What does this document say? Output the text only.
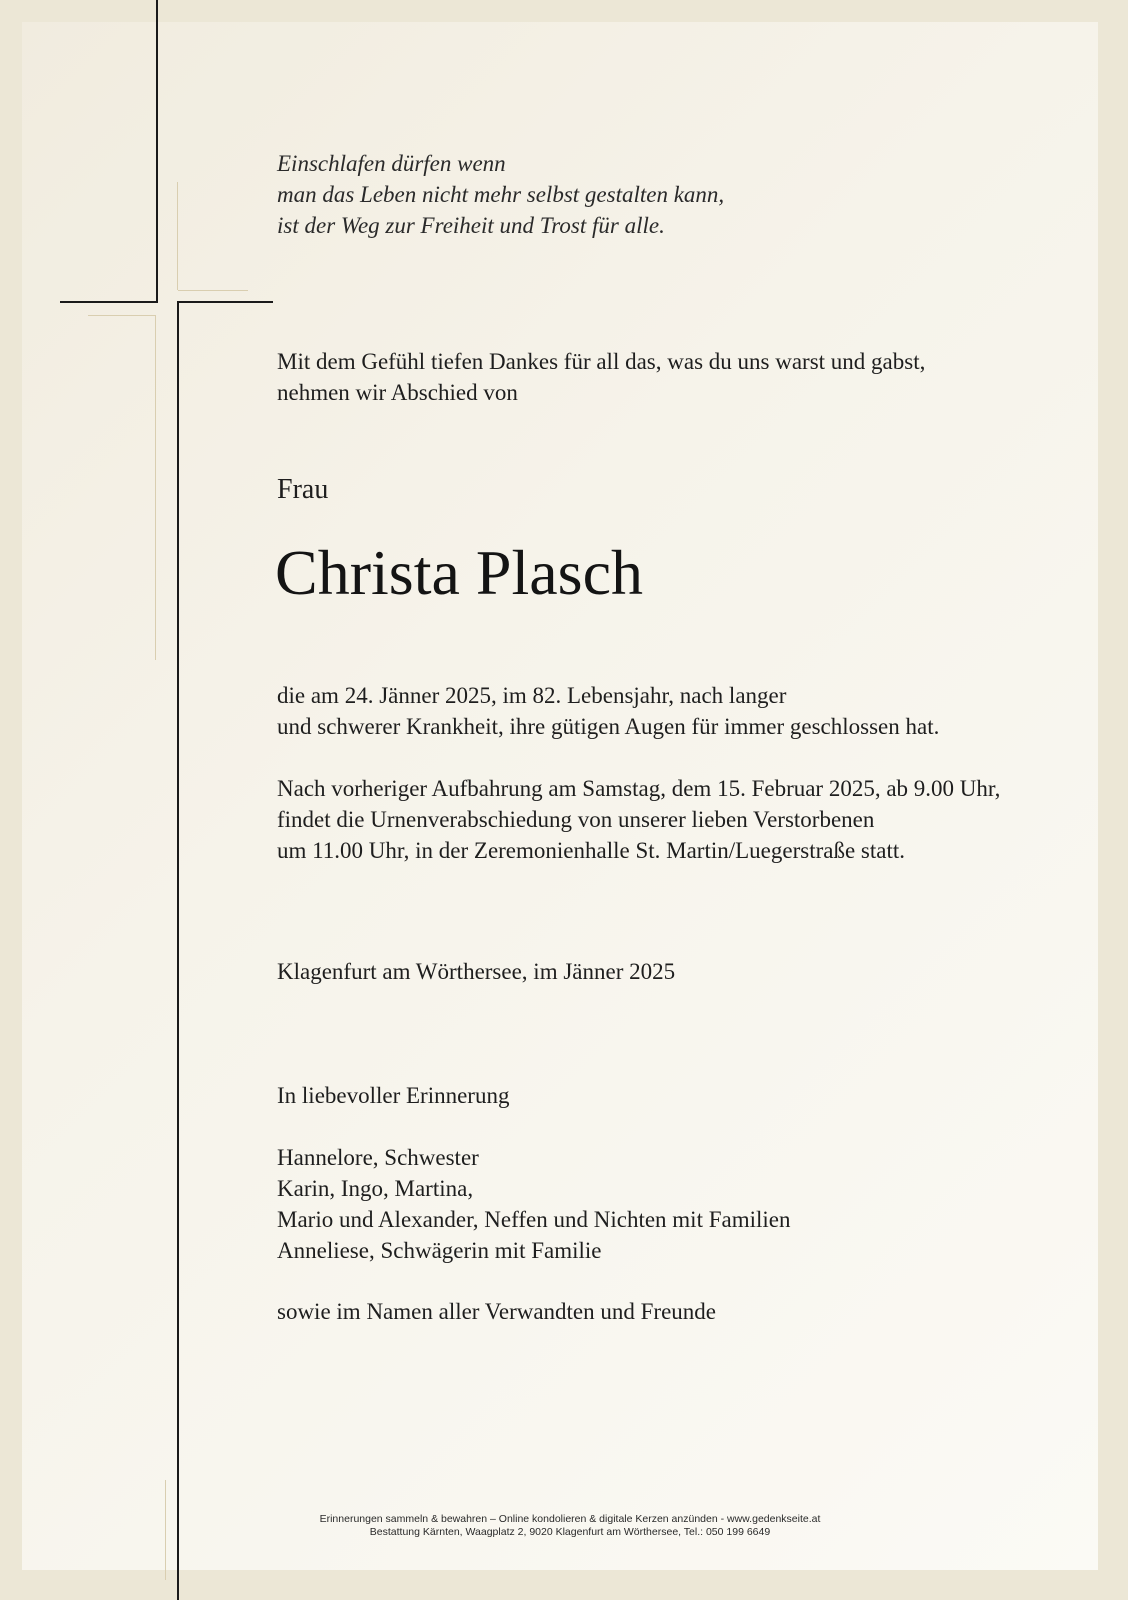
Einschlafen dürfen wenn
man das Leben nicht mehr selbst gestalten kann,
ist der Weg zur Freiheit und Trost für alle.
Mit dem Gefühl tiefen Dankes für all das, was du uns warst und gabst,
nehmen wir Abschied von
Frau
Christa Plasch
die am 24. Jänner 2025, im 82. Lebensjahr, nach langer
und schwerer Krankheit, ihre gütigen Augen für immer geschlossen hat.
Nach vorheriger Aufbahrung am Samstag, dem 15. Februar 2025, ab 9.00 Uhr,
findet die Urnenverabschiedung von unserer lieben Verstorbenen
um 11.00 Uhr, in der Zeremonienhalle St. Martin/Luegerstraße statt.
Klagenfurt am Wörthersee, im Jänner 2025
In liebevoller Erinnerung
Hannelore, Schwester
Karin, Ingo, Martina,
Mario und Alexander, Neffen und Nichten mit Familien
Anneliese, Schwägerin mit Familie
sowie im Namen aller Verwandten und Freunde
Erinnerungen sammeln & bewahren – Online kondolieren & digitale Kerzen anzünden - www.gedenkseite.at
Bestattung Kärnten, Waagplatz 2, 9020 Klagenfurt am Wörthersee, Tel.: 050 199 6649
